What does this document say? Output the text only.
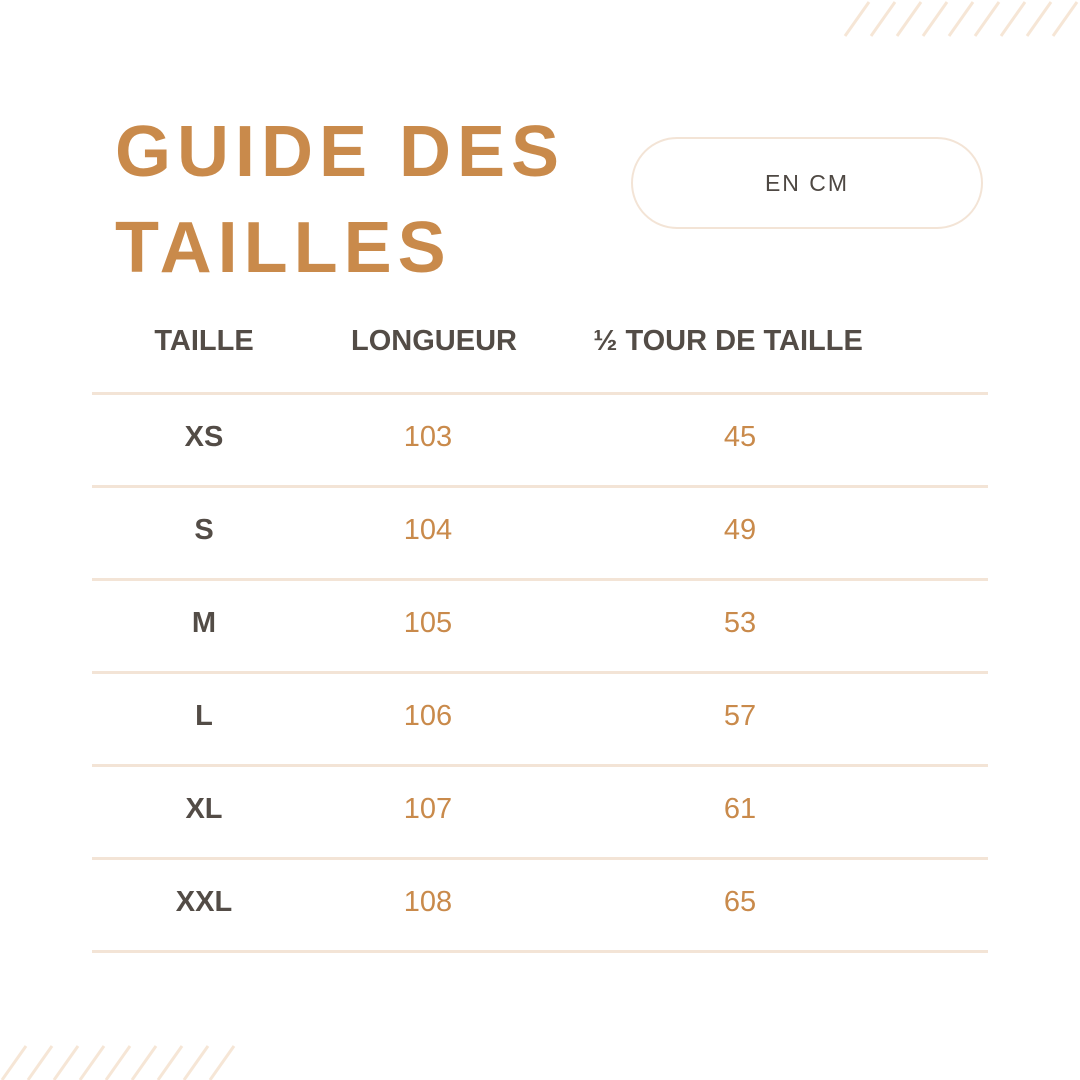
GUIDE DES
TAILLES
EN CM
TAILLE	LONGUEUR	½ TOUR DE TAILLE
XS	103	45
S	104	49
M	105	53
L	106	57
XL	107	61
XXL	108	65
